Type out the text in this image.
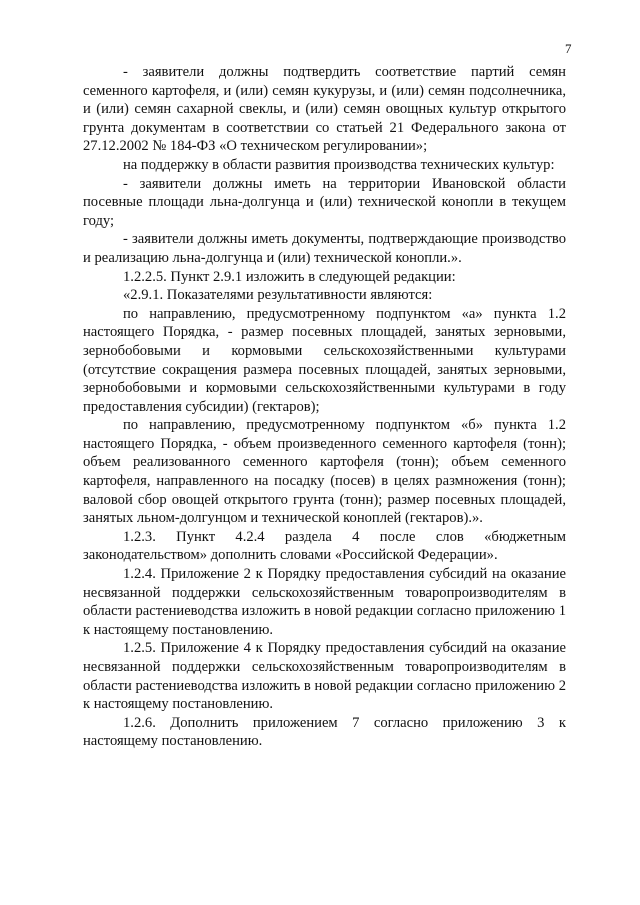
7

- заявители должны подтвердить соответствие партий семян семенного картофеля, и (или) семян кукурузы, и (или) семян подсолнечника, и (или) семян сахарной свеклы, и (или) семян овощных культур открытого грунта документам в соответствии со статьей 21 Федерального закона от 27.12.2002 № 184-ФЗ «О техническом регулировании»;

на поддержку в области развития производства технических культур:

- заявители должны иметь на территории Ивановской области посевные площади льна-долгунца и (или) технической конопли в текущем году;

- заявители должны иметь документы, подтверждающие производство и реализацию льна-долгунца и (или) технической конопли.».

1.2.2.5. Пункт 2.9.1 изложить в следующей редакции:

«2.9.1. Показателями результативности являются:

по направлению, предусмотренному подпунктом «а» пункта 1.2 настоящего Порядка, - размер посевных площадей, занятых зерновыми, зернобобовыми и кормовыми сельскохозяйственными культурами (отсутствие сокращения размера посевных площадей, занятых зерновыми, зернобобовыми и кормовыми сельскохозяйственными культурами в году предоставления субсидии) (гектаров);

по направлению, предусмотренному подпунктом «б» пункта 1.2 настоящего Порядка, - объем произведенного семенного картофеля (тонн); объем реализованного семенного картофеля (тонн); объем семенного картофеля, направленного на посадку (посев) в целях размножения (тонн); валовой сбор овощей открытого грунта (тонн); размер посевных площадей, занятых льном-долгунцом и технической коноплей (гектаров).».

1.2.3. Пункт 4.2.4 раздела 4 после слов «бюджетным законодательством» дополнить словами «Российской Федерации».

1.2.4. Приложение 2 к Порядку предоставления субсидий на оказание несвязанной поддержки сельскохозяйственным товаропроизводителям в области растениеводства изложить в новой редакции согласно приложению 1 к настоящему постановлению.

1.2.5. Приложение 4 к Порядку предоставления субсидий на оказание несвязанной поддержки сельскохозяйственным товаропроизводителям в области растениеводства изложить в новой редакции согласно приложению 2 к настоящему постановлению.

1.2.6. Дополнить приложением 7 согласно приложению 3 к настоящему постановлению.
